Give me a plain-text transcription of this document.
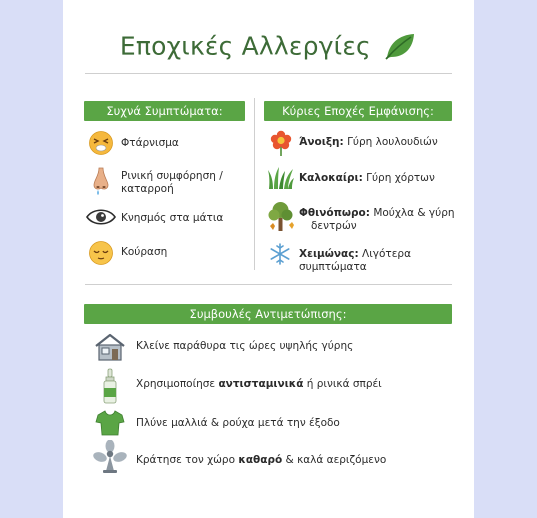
Εποχικές Αλλεργίες
Συχνά Συμπτώματα:
Φτάρνισμα
Ρινική συμφόρηση /
καταρροή
Κνησμός στα μάτια
Κούραση
Κύριες Εποχές Εμφάνισης:
Άνοιξη: Γύρη λουλουδιών
Καλοκαίρι: Γύρη χόρτων
Φθινόπωρο: Μούχλα & γύρη
δεντρών
Χειμώνας: Λιγότερα συμπτώματα
Συμβουλές Αντιμετώπισης:
Κλείνε παράθυρα τις ώρες υψηλής γύρης
Χρησιμοποίησε αντισταμινικά ή ρινικά σπρέι
Πλύνε μαλλιά & ρούχα μετά την έξοδο
Κράτησε τον χώρο καθαρό & καλά αεριζόμενο
